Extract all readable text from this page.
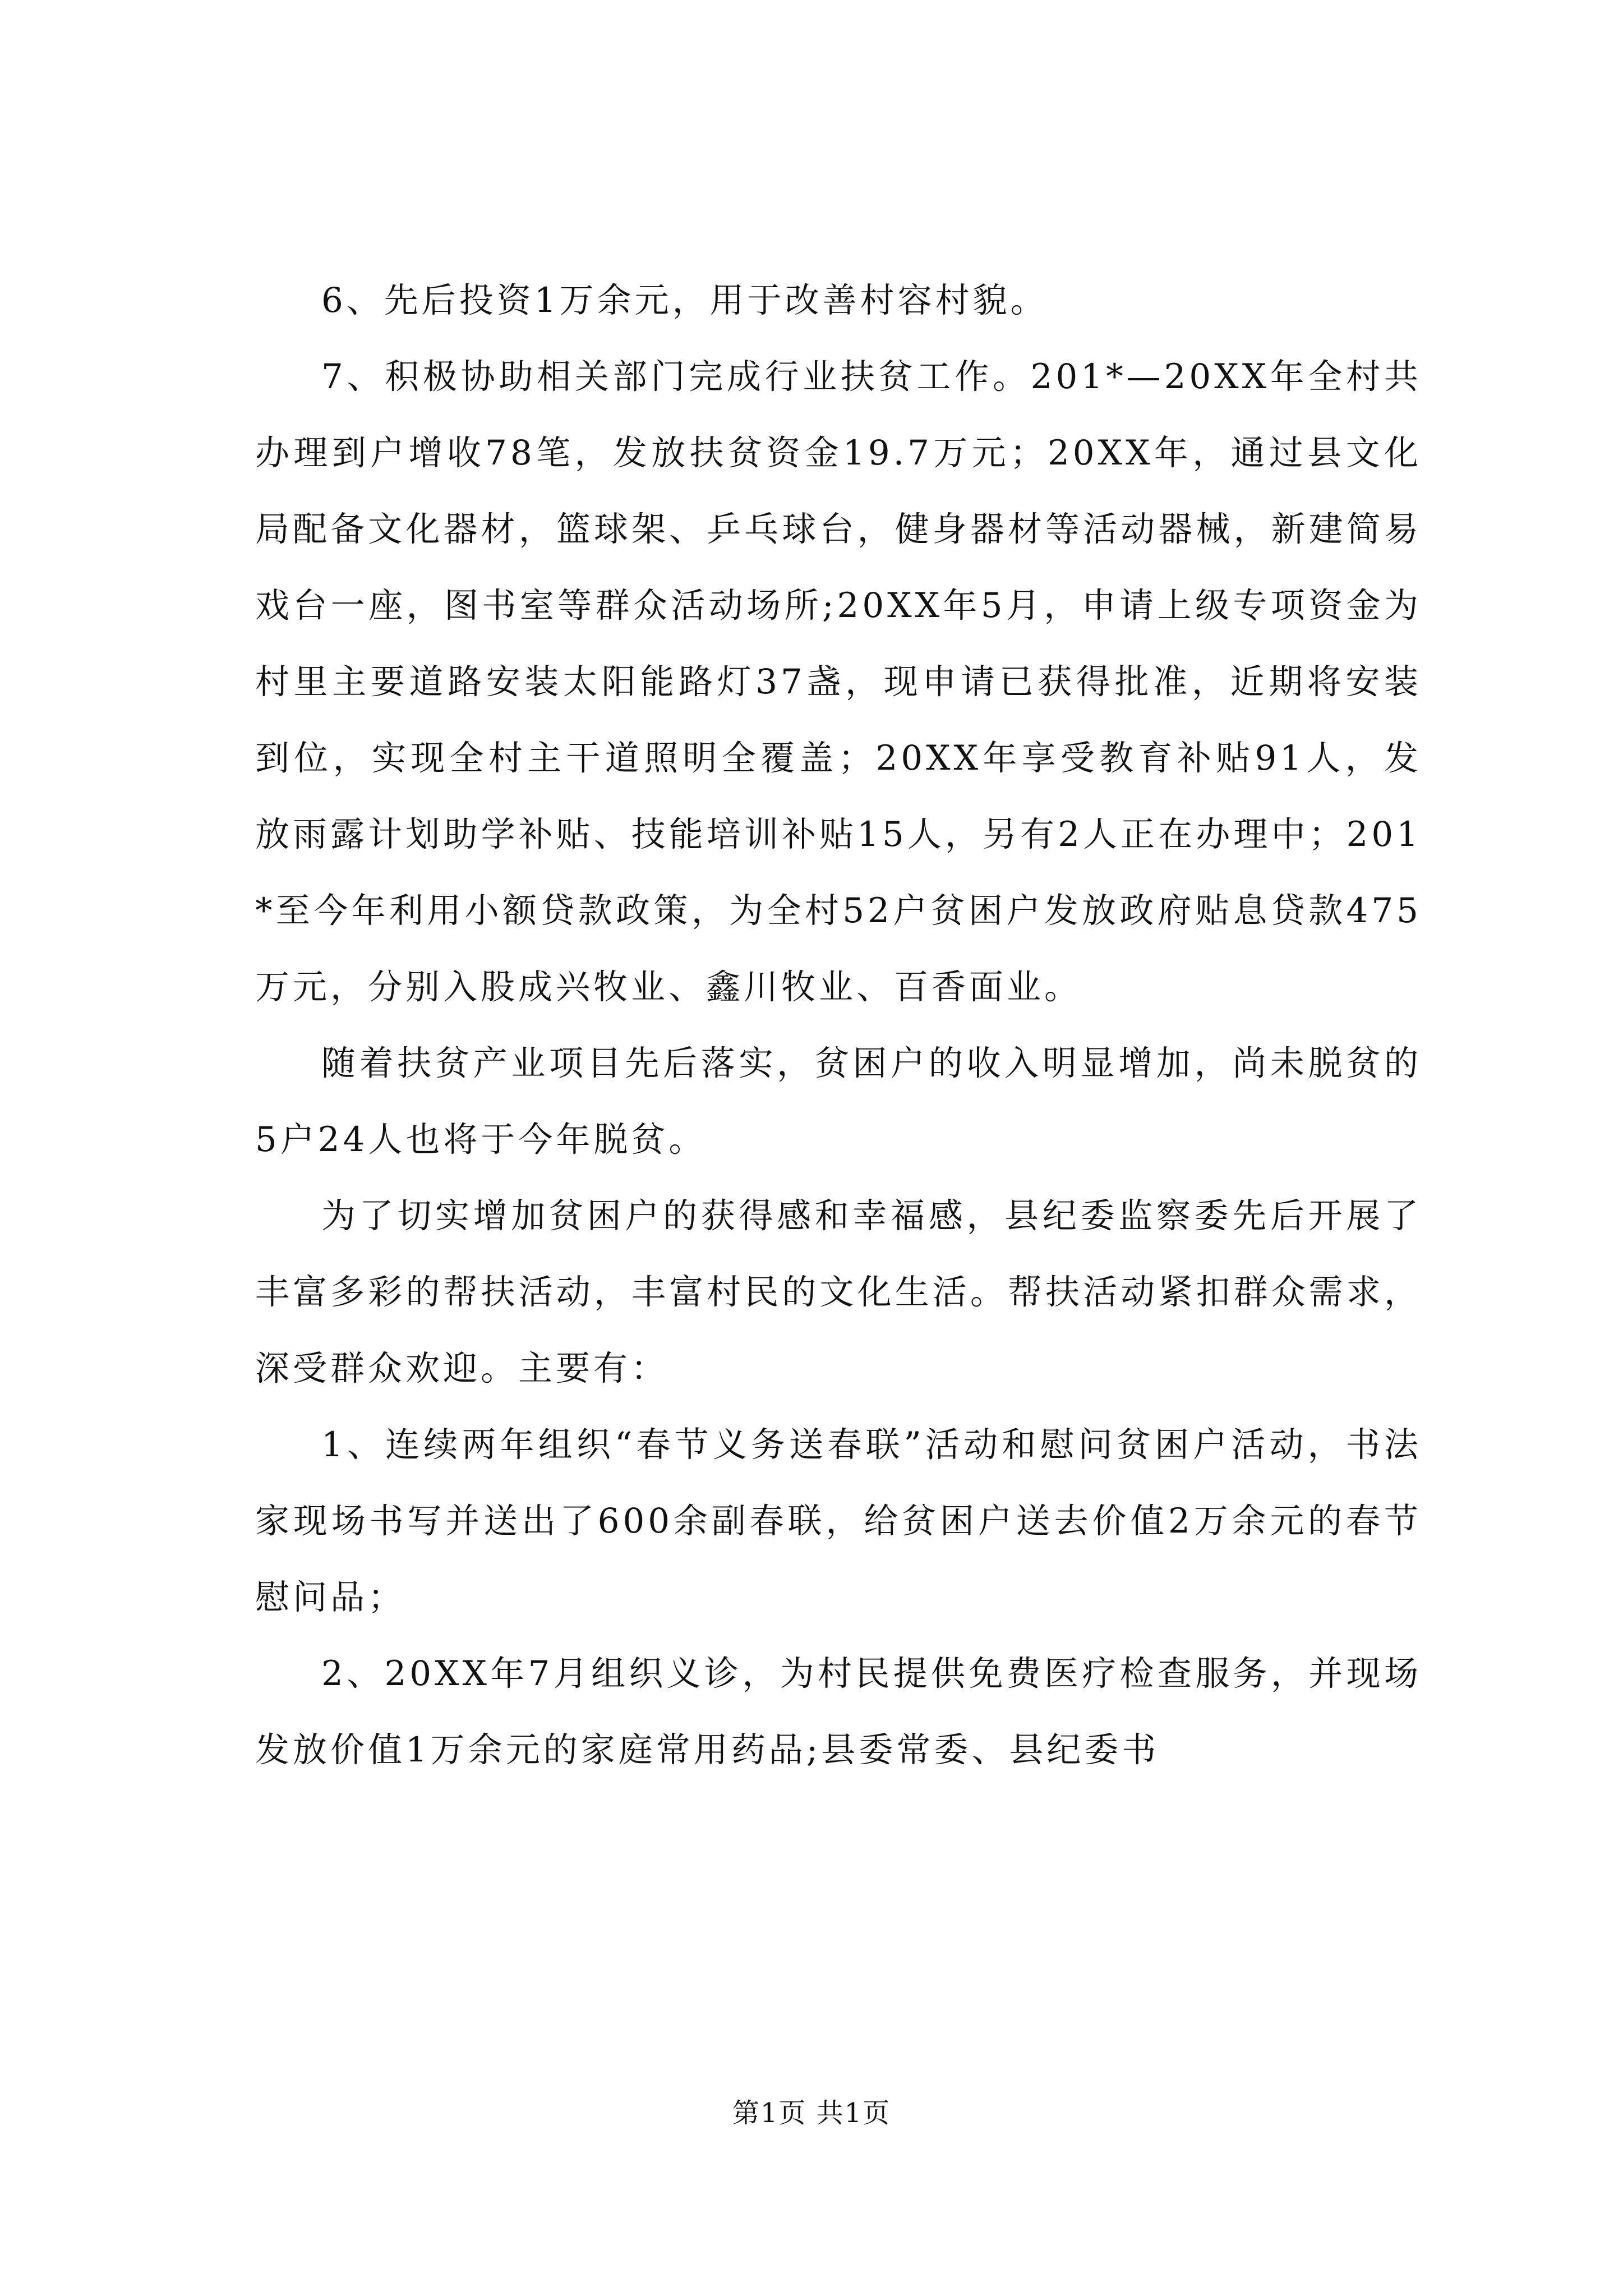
6、先后投资1万余元，用于改善村容村貌。

7、积极协助相关部门完成行业扶贫工作。201*—20XX年全村共办理到户增收78笔，发放扶贫资金19.7万元；20XX年，通过县文化局配备文化器材，篮球架、乒乓球台，健身器材等活动器械，新建简易戏台一座，图书室等群众活动场所;20XX年5月，申请上级专项资金为村里主要道路安装太阳能路灯37盏，现申请已获得批准，近期将安装到位，实现全村主干道照明全覆盖；20XX年享受教育补贴91人，发放雨露计划助学补贴、技能培训补贴15人，另有2人正在办理中；201*至今年利用小额贷款政策，为全村52户贫困户发放政府贴息贷款475万元，分别入股成兴牧业、鑫川牧业、百香面业。

随着扶贫产业项目先后落实，贫困户的收入明显增加，尚未脱贫的5户24人也将于今年脱贫。

为了切实增加贫困户的获得感和幸福感，县纪委监察委先后开展了丰富多彩的帮扶活动，丰富村民的文化生活。帮扶活动紧扣群众需求，深受群众欢迎。主要有：

1、连续两年组织“春节义务送春联”活动和慰问贫困户活动，书法家现场书写并送出了600余副春联，给贫困户送去价值2万余元的春节慰问品；

2、20XX年7月组织义诊，为村民提供免费医疗检查服务，并现场发放价值1万余元的家庭常用药品;县委常委、县纪委书

第1页 共1页
